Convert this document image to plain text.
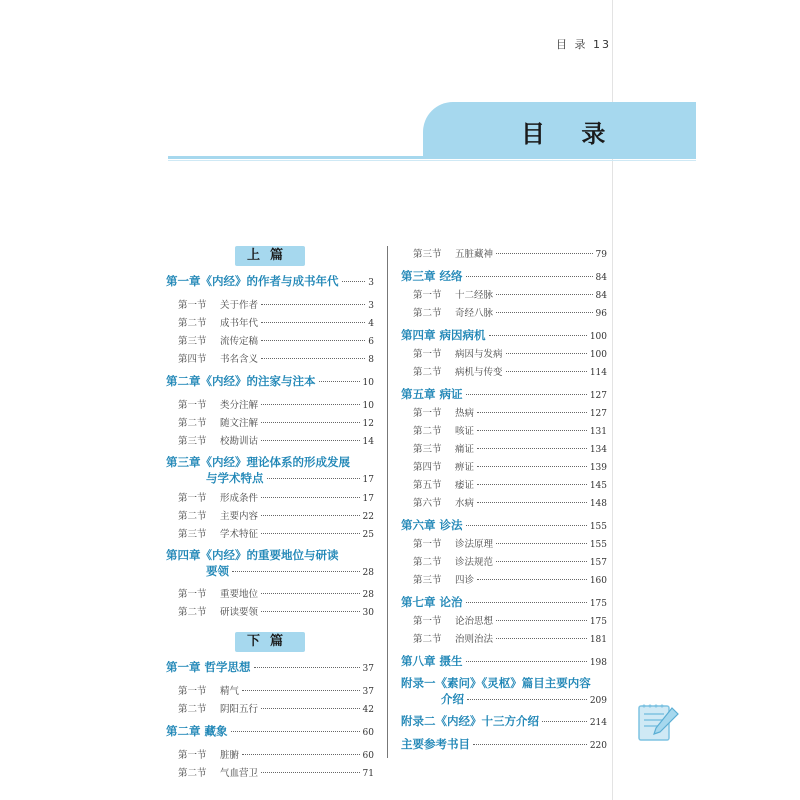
目 录 13
目 录
上篇
第一章《内经》的作者与成书年代	3
第一节	关于作者	3
第二节	成书年代	4
第三节	流传定稿	6
第四节	书名含义	8
第二章《内经》的注家与注本	10
第一节	类分注解	10
第二节	随文注解	12
第三节	校勘训诂	14
第三章《内经》理论体系的形成发展
与学术特点	17
第一节	形成条件	17
第二节	主要内容	22
第三节	学术特征	25
第四章《内经》的重要地位与研读
要领	28
第一节	重要地位	28
第二节	研读要领	30
下篇
第一章 哲学思想	37
第一节	精气	37
第二节	阴阳五行	42
第二章 藏象	60
第一节	脏腑	60
第二节	气血营卫	71
第三节	五脏藏神	79
第三章 经络	84
第一节	十二经脉	84
第二节	奇经八脉	96
第四章 病因病机	100
第一节	病因与发病	100
第二节	病机与传变	114
第五章 病证	127
第一节	热病	127
第二节	咳证	131
第三节	痛证	134
第四节	痹证	139
第五节	痿证	145
第六节	水病	148
第六章 诊法	155
第一节	诊法原理	155
第二节	诊法规范	157
第三节	四诊	160
第七章 论治	175
第一节	论治思想	175
第二节	治则治法	181
第八章 摄生	198
附录一《素问》《灵枢》篇目主要内容
介绍	209
附录二《内经》十三方介绍	214
主要参考书目	220
